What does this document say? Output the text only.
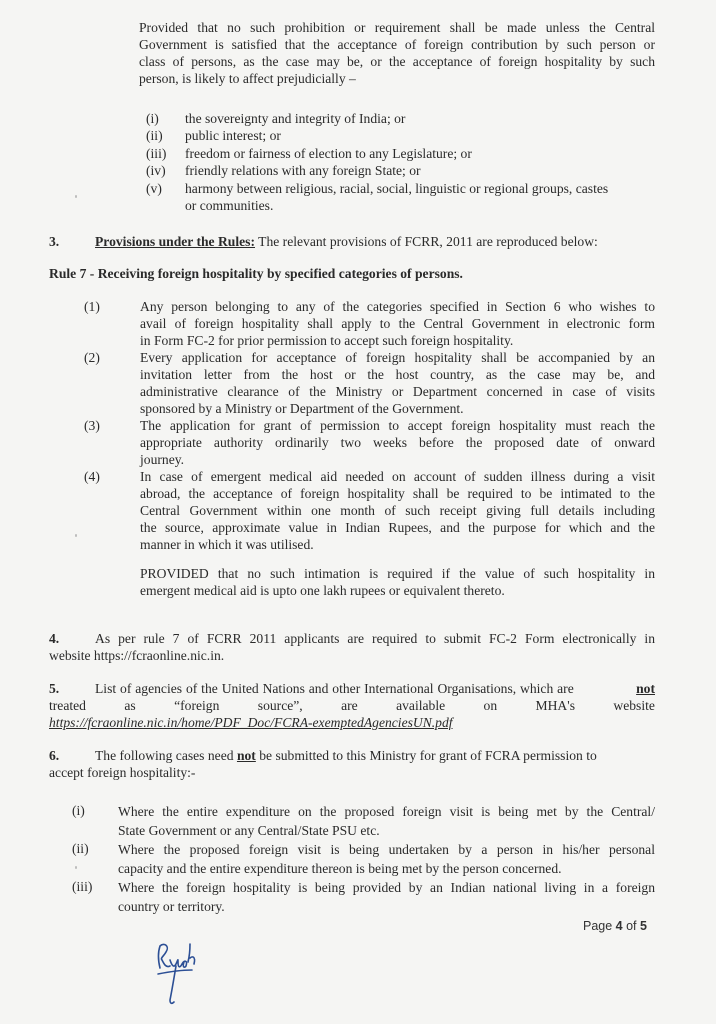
Provided that no such prohibition or requirement shall be made unless the Central
Government is satisfied that the acceptance of foreign contribution by such person or
class of persons, as the case may be, or the acceptance of foreign hospitality by such
person, is likely to affect prejudicially –
(i) the sovereignty and integrity of India; or
(ii) public interest; or
(iii) freedom or fairness of election to any Legislature; or
(iv) friendly relations with any foreign State; or
(v) harmony between religious, racial, social, linguistic or regional groups, castes
or communities.
3.	Provisions under the Rules: The relevant provisions of FCRR, 2011 are reproduced below:
Rule 7 - Receiving foreign hospitality by specified categories of persons.
(1)	Any person belonging to any of the categories specified in Section 6 who wishes to
avail of foreign hospitality shall apply to the Central Government in electronic form
in Form FC-2 for prior permission to accept such foreign hospitality.
(2)	Every application for acceptance of foreign hospitality shall be accompanied by an
invitation letter from the host or the host country, as the case may be, and
administrative clearance of the Ministry or Department concerned in case of visits
sponsored by a Ministry or Department of the Government.
(3)	The application for grant of permission to accept foreign hospitality must reach the
appropriate authority ordinarily two weeks before the proposed date of onward
journey.
(4)	In case of emergent medical aid needed on account of sudden illness during a visit
abroad, the acceptance of foreign hospitality shall be required to be intimated to the
Central Government within one month of such receipt giving full details including
the source, approximate value in Indian Rupees, and the purpose for which and the
manner in which it was utilised.
PROVIDED that no such intimation is required if the value of such hospitality in
emergent medical aid is upto one lakh rupees or equivalent thereto.
4.	As per rule 7 of FCRR 2011 applicants are required to submit FC-2 Form electronically in
website https://fcraonline.nic.in.
5.	List of agencies of the United Nations and other International Organisations, which are	not
treated	as	“foreign	source”,	are	available	on	MHA's	website
https://fcraonline.nic.in/home/PDF_Doc/FCRA-exemptedAgenciesUN.pdf
6.	The following cases need not be submitted to this Ministry for grant of FCRA permission to
accept foreign hospitality:-
(i) Where the entire expenditure on the proposed foreign visit is being met by the Central/
State Government or any Central/State PSU etc.
(ii) Where the proposed foreign visit is being undertaken by a person in his/her personal
capacity and the entire expenditure thereon is being met by the person concerned.
(iii) Where the foreign hospitality is being provided by an Indian national living in a foreign
country or territory.
Page 4 of 5
